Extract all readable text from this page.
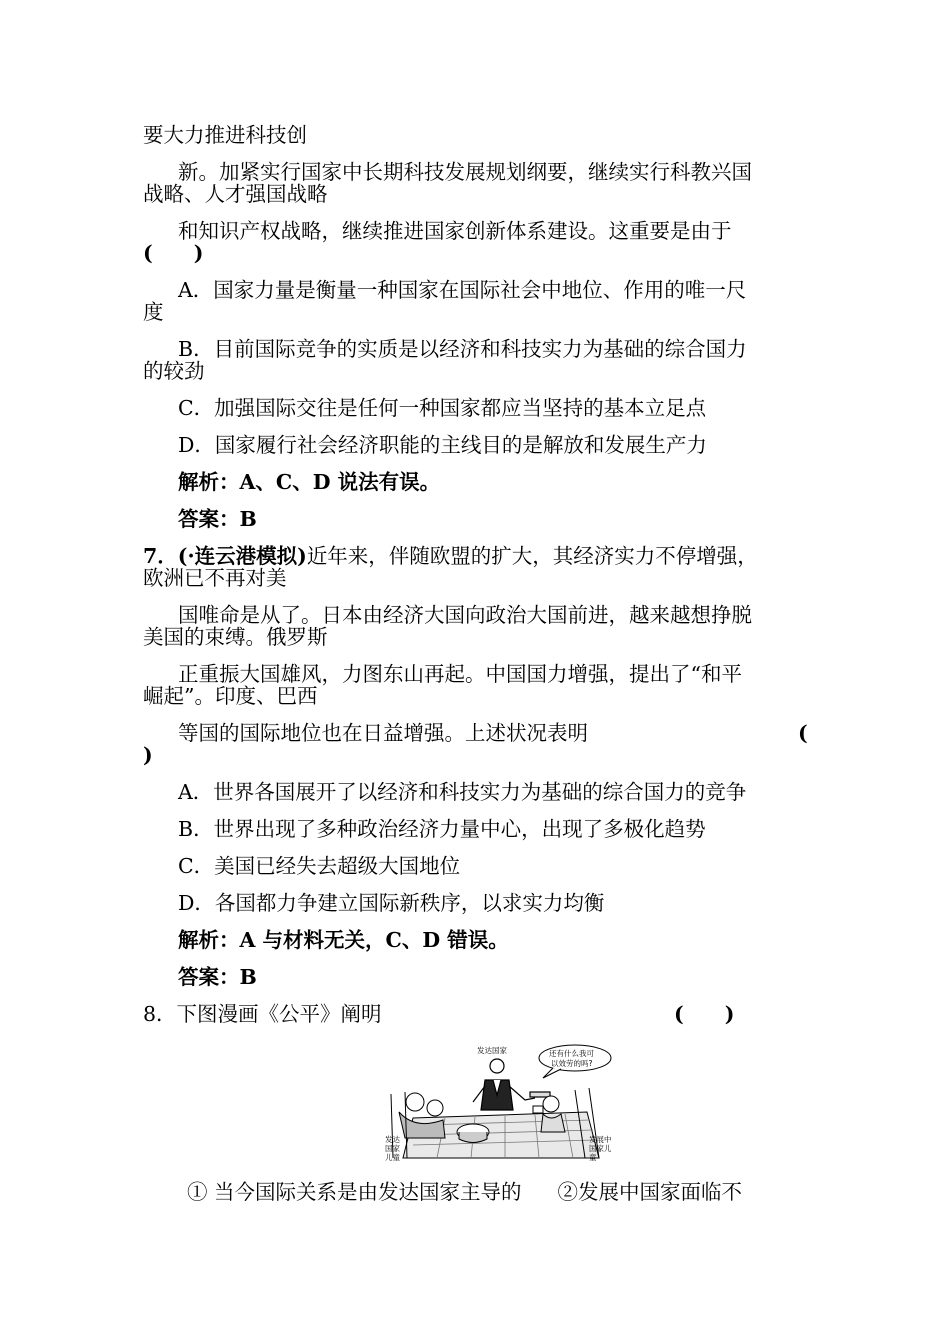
要大力推进科技创
新。加紧实行国家中长期科技发展规划纲要，继续实行科教兴国
战略、人才强国战略
和知识产权战略，继续推进国家创新体系建设。这重要是由于
(　　)
A．国家力量是衡量一种国家在国际社会中地位、作用的唯一尺
度
B．目前国际竞争的实质是以经济和科技实力为基础的综合国力
的较劲
C．加强国际交往是任何一种国家都应当坚持的基本立足点
D．国家履行社会经济职能的主线目的是解放和发展生产力
解析：A、C、D 说法有误。
答案：B
7．(·连云港模拟)近年来，伴随欧盟的扩大，其经济实力不停增强，
欧洲已不再对美
国唯命是从了。日本由经济大国向政治大国前进，越来越想挣脱
美国的束缚。俄罗斯
正重振大国雄风，力图东山再起。中国国力增强，提出了“和平
崛起”。印度、巴西
等国的国际地位也在日益增强。上述状况表明	(
)
A．世界各国展开了以经济和科技实力为基础的综合国力的竞争
B．世界出现了多种政治经济力量中心，出现了多极化趋势
C．美国已经失去超级大国地位
D．各国都力争建立国际新秩序，以求实力均衡
解析：A 与材料无关，C、D 错误。
答案：B
8．下图漫画《公平》阐明	(　　)
发达国家	还有什么我可
以效劳的吗?
发达
国家
儿童
发展中
国家儿
童
① 当今国际关系是由发达国家主导的 ②发展中国家面临不
